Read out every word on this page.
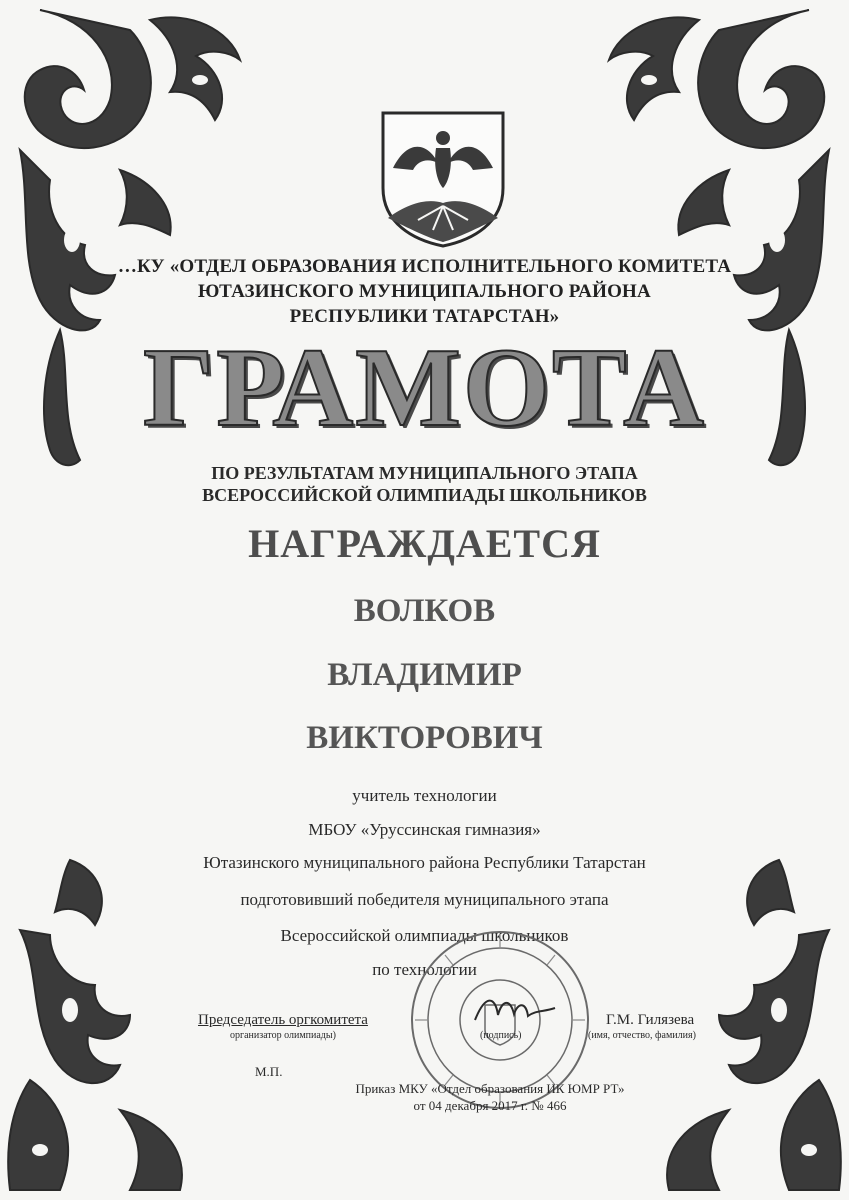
…КУ «ОТДЕЛ ОБРАЗОВАНИЯ ИСПОЛНИТЕЛЬНОГО КОМИТЕТА
ЮТАЗИНСКОГО МУНИЦИПАЛЬНОГО РАЙОНА
РЕСПУБЛИКИ ТАТАРСТАН»
ГРАМОТА
ПО РЕЗУЛЬТАТАМ МУНИЦИПАЛЬНОГО ЭТАПА
ВСЕРОССИЙСКОЙ ОЛИМПИАДЫ ШКОЛЬНИКОВ
НАГРАЖДАЕТСЯ
ВОЛКОВ
ВЛАДИМИР
ВИКТОРОВИЧ
учитель технологии
МБОУ «Уруссинская гимназия»
Ютазинского муниципального района Республики Татарстан
подготовивший победителя муниципального этапа
Всероссийской олимпиады школьников
по технологии
Председатель оргкомитета
организатор олимпиады)	(подпись)
Г.М. Гилязева
(имя, отчество, фамилия)
М.П.
Приказ МКУ «Отдел образования ИК ЮМР РТ»
от 04 декабря 2017 г. № 466
